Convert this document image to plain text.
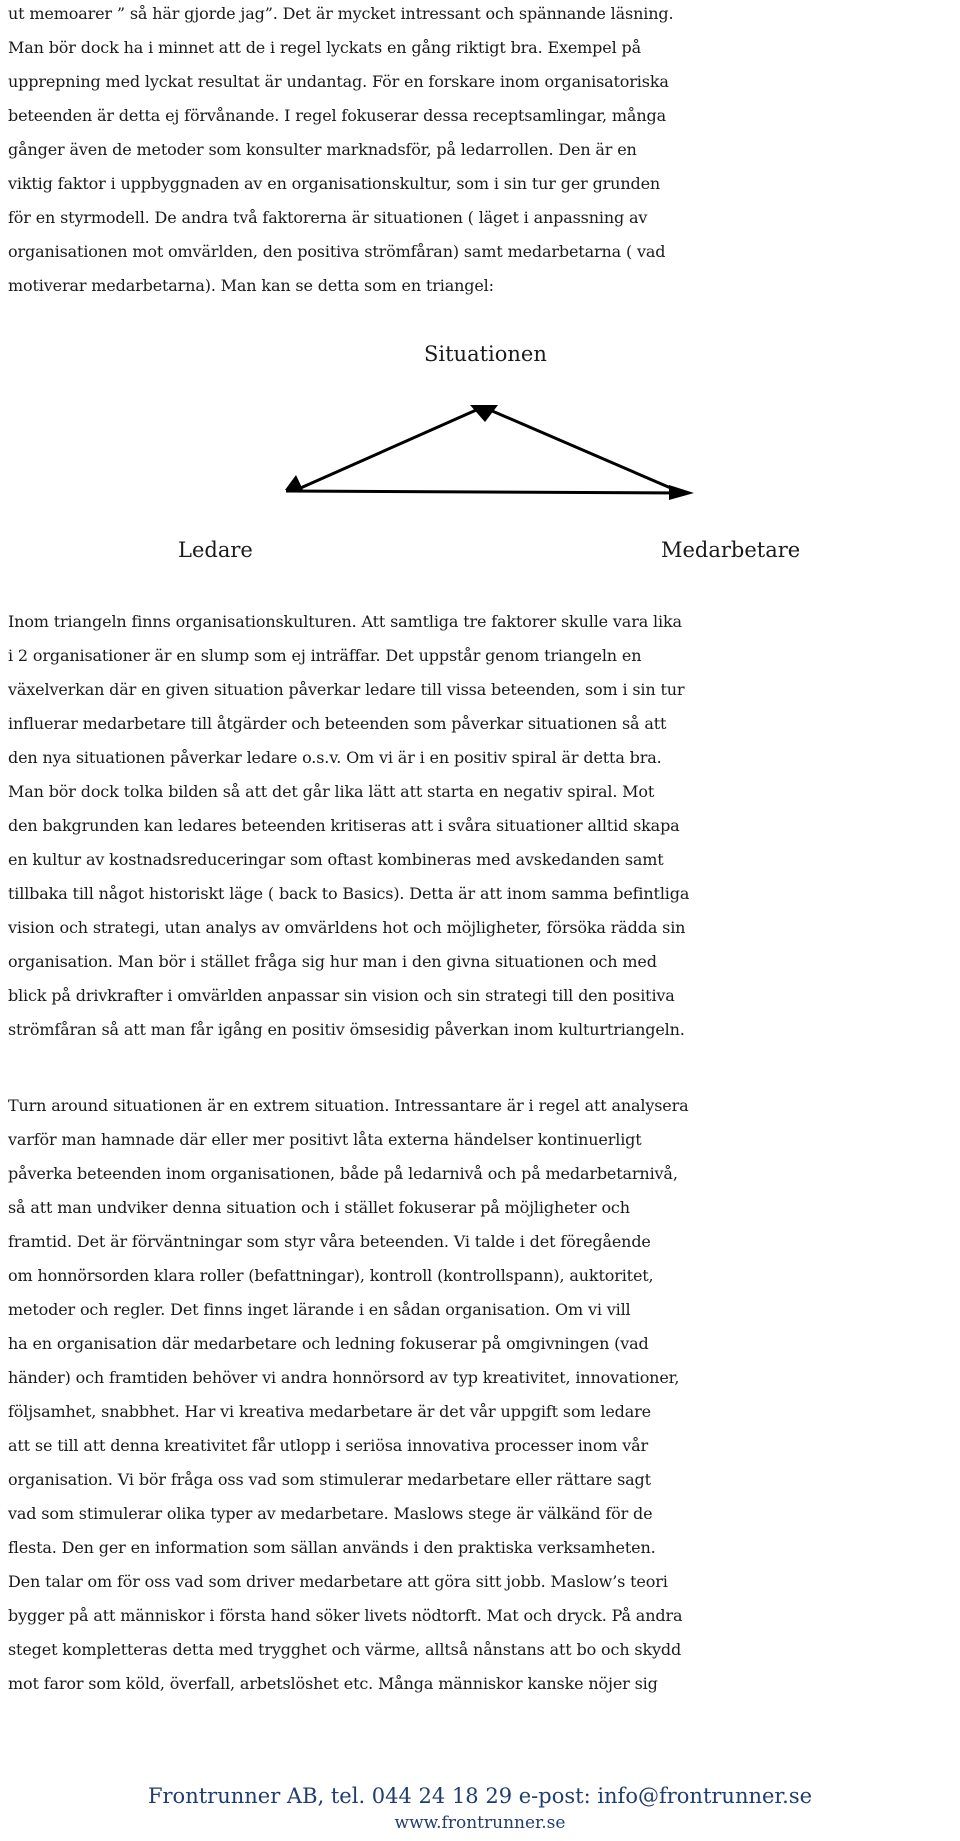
ut memoarer ” så här gjorde jag”. Det är mycket intressant och spännande läsning.
Man bör dock ha i minnet att de i regel lyckats en gång riktigt bra. Exempel på
upprepning med lyckat resultat är undantag. För en forskare inom organisatoriska
beteenden är detta ej förvånande. I regel fokuserar dessa receptsamlingar, många
gånger även de metoder som konsulter marknadsför, på ledarrollen. Den är en
viktig faktor i uppbyggnaden av en organisationskultur, som i sin tur ger grunden
för en styrmodell. De andra två faktorerna är situationen ( läget i anpassning av
organisationen mot omvärlden, den positiva strömfåran) samt medarbetarna ( vad
motiverar medarbetarna). Man kan se detta som en triangel:
Situationen
Ledare	Medarbetare
Inom triangeln finns organisationskulturen. Att samtliga tre faktorer skulle vara lika
i 2 organisationer är en slump som ej inträffar. Det uppstår genom triangeln en
växelverkan där en given situation påverkar ledare till vissa beteenden, som i sin tur
influerar medarbetare till åtgärder och beteenden som påverkar situationen så att
den nya situationen påverkar ledare o.s.v. Om vi är i en positiv spiral är detta bra.
Man bör dock tolka bilden så att det går lika lätt att starta en negativ spiral. Mot
den bakgrunden kan ledares beteenden kritiseras att i svåra situationer alltid skapa
en kultur av kostnadsreduceringar som oftast kombineras med avskedanden samt
tillbaka till något historiskt läge ( back to Basics). Detta är att inom samma befintliga
vision och strategi, utan analys av omvärldens hot och möjligheter, försöka rädda sin
organisation. Man bör i stället fråga sig hur man i den givna situationen och med
blick på drivkrafter i omvärlden anpassar sin vision och sin strategi till den positiva
strömfåran så att man får igång en positiv ömsesidig påverkan inom kulturtriangeln.
Turn around situationen är en extrem situation. Intressantare är i regel att analysera
varför man hamnade där eller mer positivt låta externa händelser kontinuerligt
påverka beteenden inom organisationen, både på ledarnivå och på medarbetarnivå,
så att man undviker denna situation och i stället fokuserar på möjligheter och
framtid. Det är förväntningar som styr våra beteenden. Vi talde i det föregående
om honnörsorden klara roller (befattningar), kontroll (kontrollspann), auktoritet,
metoder och regler. Det finns inget lärande i en sådan organisation. Om vi vill
ha en organisation där medarbetare och ledning fokuserar på omgivningen (vad
händer) och framtiden behöver vi andra honnörsord av typ kreativitet, innovationer,
följsamhet, snabbhet. Har vi kreativa medarbetare är det vår uppgift som ledare
att se till att denna kreativitet får utlopp i seriösa innovativa processer inom vår
organisation. Vi bör fråga oss vad som stimulerar medarbetare eller rättare sagt
vad som stimulerar olika typer av medarbetare. Maslows stege är välkänd för de
flesta. Den ger en information som sällan används i den praktiska verksamheten.
Den talar om för oss vad som driver medarbetare att göra sitt jobb. Maslow’s teori
bygger på att människor i första hand söker livets nödtorft. Mat och dryck. På andra
steget kompletteras detta med trygghet och värme, alltså nånstans att bo och skydd
mot faror som köld, överfall, arbetslöshet etc. Många människor kanske nöjer sig
Frontrunner AB, tel. 044 24 18 29 e-post: info@frontrunner.se
www.frontrunner.se
